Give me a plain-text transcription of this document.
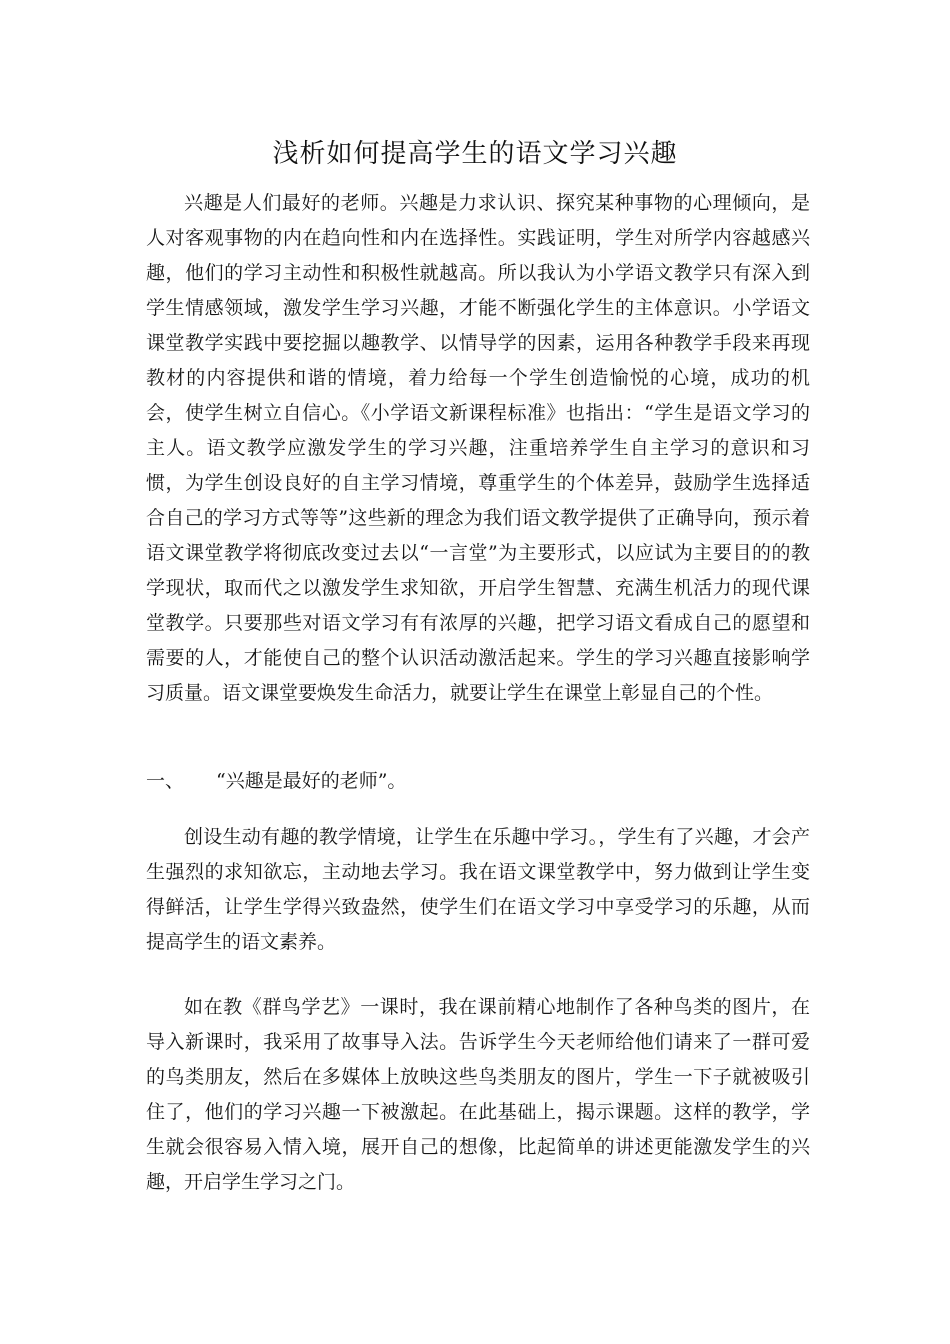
浅析如何提高学生的语文学习兴趣

兴趣是人们最好的老师。兴趣是力求认识、探究某种事物的心理倾向，是人对客观事物的内在趋向性和内在选择性。实践证明，学生对所学内容越感兴趣，他们的学习主动性和积极性就越高。所以我认为小学语文教学只有深入到学生情感领域，激发学生学习兴趣，才能不断强化学生的主体意识。小学语文课堂教学实践中要挖掘以趣教学、以情导学的因素，运用各种教学手段来再现教材的内容提供和谐的情境，着力给每一个学生创造愉悦的心境，成功的机会，使学生树立自信心。《小学语文新课程标准》也指出：“学生是语文学习的主人。语文教学应激发学生的学习兴趣，注重培养学生自主学习的意识和习惯，为学生创设良好的自主学习情境，尊重学生的个体差异，鼓励学生选择适合自己的学习方式等等”这些新的理念为我们语文教学提供了正确导向，预示着语文课堂教学将彻底改变过去以“一言堂”为主要形式，以应试为主要目的的教学现状，取而代之以激发学生求知欲，开启学生智慧、充满生机活力的现代课堂教学。只要那些对语文学习有有浓厚的兴趣，把学习语文看成自己的愿望和需要的人，才能使自己的整个认识活动激活起来。学生的学习兴趣直接影响学习质量。语文课堂要焕发生命活力，就要让学生在课堂上彰显自己的个性。

一、 “兴趣是最好的老师”。

创设生动有趣的教学情境，让学生在乐趣中学习。，学生有了兴趣，才会产生强烈的求知欲忘，主动地去学习。我在语文课堂教学中，努力做到让学生变得鲜活，让学生学得兴致盎然，使学生们在语文学习中享受学习的乐趣，从而提高学生的语文素养。

如在教《群鸟学艺》一课时，我在课前精心地制作了各种鸟类的图片，在导入新课时，我采用了故事导入法。告诉学生今天老师给他们请来了一群可爱的鸟类朋友，然后在多媒体上放映这些鸟类朋友的图片，学生一下子就被吸引住了，他们的学习兴趣一下被激起。在此基础上，揭示课题。这样的教学，学生就会很容易入情入境，展开自己的想像，比起简单的讲述更能激发学生的兴趣，开启学生学习之门。
